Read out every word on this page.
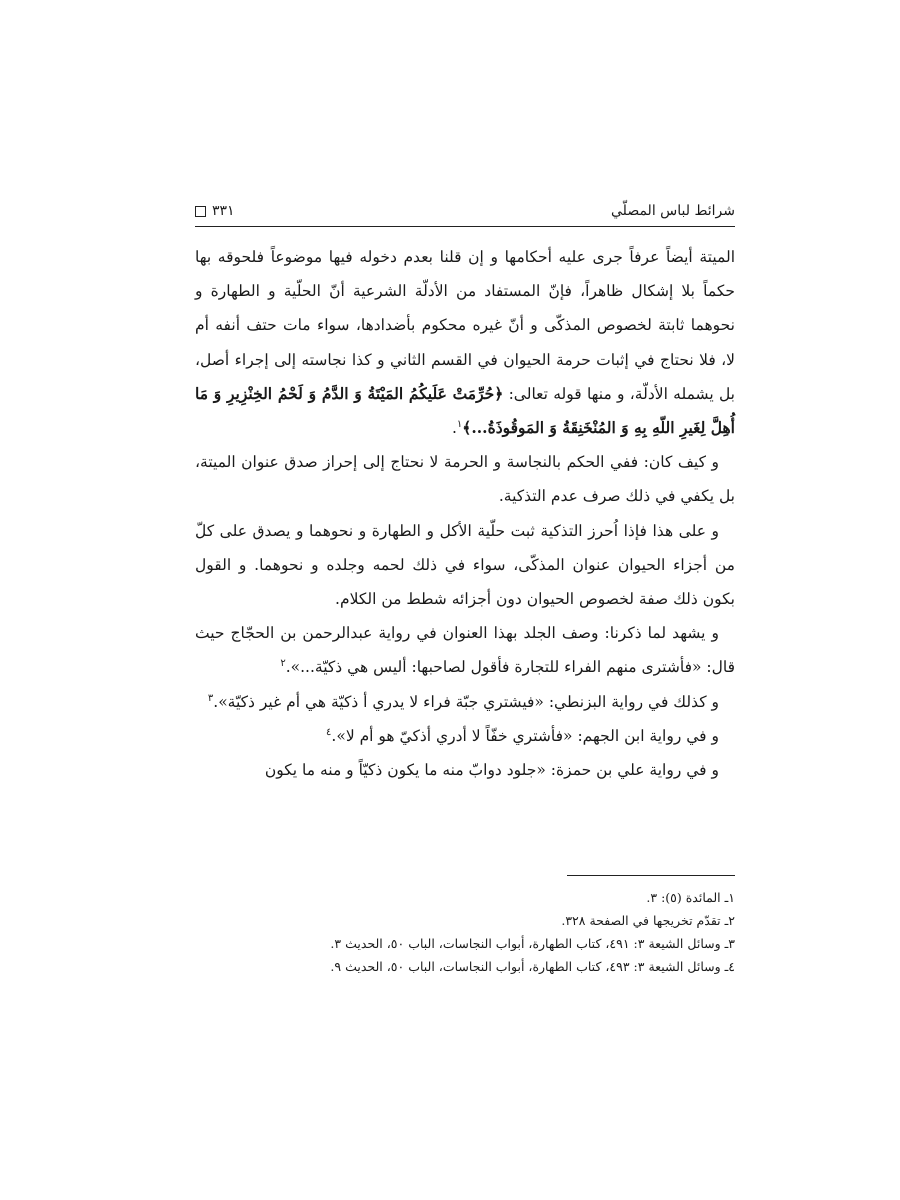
شرائط لباس المصلّي
٣٣١

الميتة أيضاً عرفاً جرى عليه أحكامها و إن قلنا بعدم دخوله فيها موضوعاً فلحوقه بها حكماً بلا إشكال ظاهراً، فإنّ المستفاد من الأدلّة الشرعية أنّ الحلّية و الطهارة و نحوهما ثابتة لخصوص المذكّى و أنّ غيره محكوم بأضدادها، سواء مات حتف أنفه أم لا، فلا نحتاج في إثبات حرمة الحيوان في القسم الثاني و كذا نجاسته إلى إجراء أصل، بل يشمله الأدلّة، و منها قوله تعالى: ﴿حُرِّمَتْ عَلَيكُمُ المَيْتَةُ وَ الدَّمُ وَ لَحْمُ الخِنْزِيرِ وَ مَا أُهِلَّ لِغَيرِ اللّهِ بِهِ وَ المُنْخَنِقَةُ وَ المَوقُوذَةُ...﴾$^١$.

و كيف كان: ففي الحكم بالنجاسة و الحرمة لا نحتاج إلى إحراز صدق عنوان الميتة، بل يكفي في ذلك صرف عدم التذكية.

و على هذا فإذا اُحرز التذكية ثبت حلّية الأكل و الطهارة و نحوهما و يصدق على كلّ من أجزاء الحيوان عنوان المذكّى، سواء في ذلك لحمه وجلده و نحوهما. و القول بكون ذلك صفة لخصوص الحيوان دون أجزائه شطط من الكلام.

و يشهد لما ذكرنا: وصف الجلد بهذا العنوان في رواية عبدالرحمن بن الحجّاج حيث قال: «فأشترى منهم الفراء للتجارة فأقول لصاحبها: أليس هي ذكيّة...».$^٢$

و كذلك في رواية البزنطي: «فيشتري جبّة فراء لا يدري أ ذكيّة هي أم غير ذكيّة».$^٣$

و في رواية ابن الجهم: «فأشتري خفّاً لا أدري أذكيّ هو أم لا».$^٤$

و في رواية علي بن حمزة: «جلود دوابّ منه ما يكون ذكيّاً و منه ما يكون

١ـ المائدة (٥): ٣.
٢ـ تقدّم تخريجها في الصفحة ٣٢٨.
٣ـ وسائل الشيعة ٣: ٤٩١، كتاب الطهارة، أبواب النجاسات، الباب ٥٠، الحديث ٣.
٤ـ وسائل الشيعة ٣: ٤٩٣، كتاب الطهارة، أبواب النجاسات، الباب ٥٠، الحديث ٩.
